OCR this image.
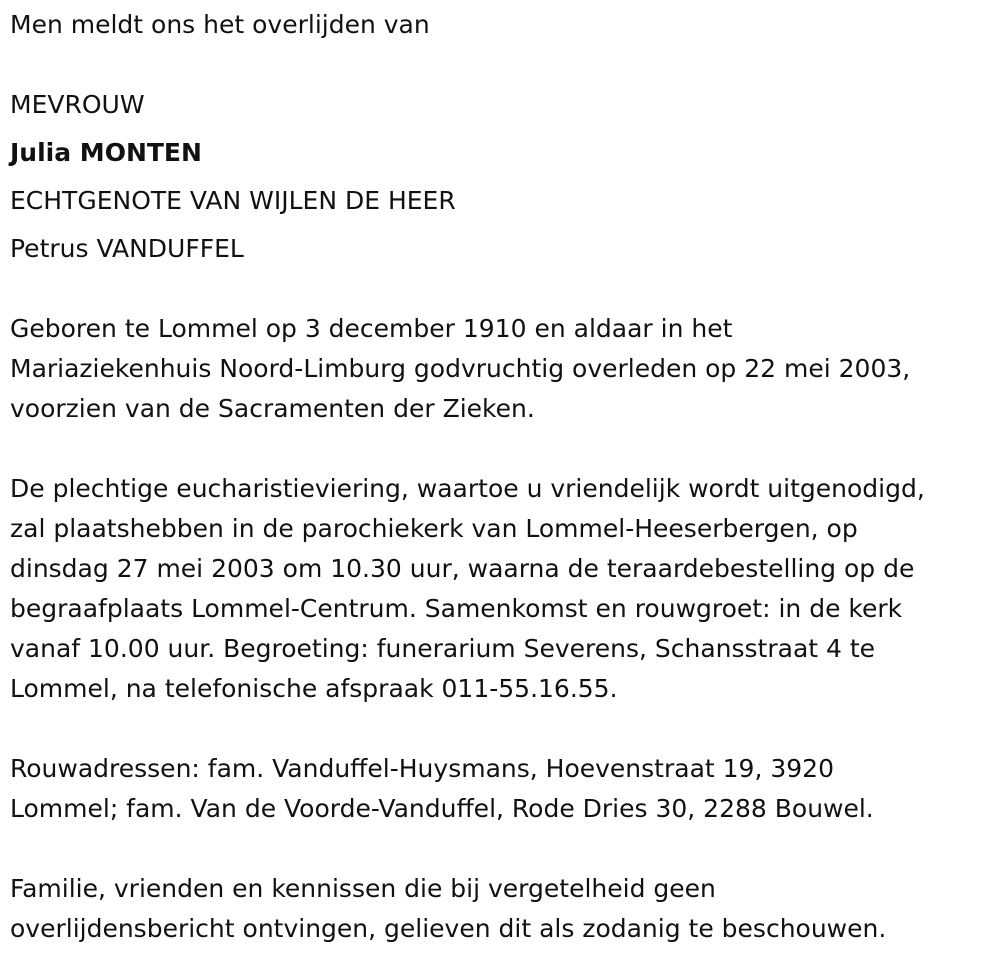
Men meldt ons het overlijden van
MEVROUW
Julia MONTEN
ECHTGENOTE VAN WIJLEN DE HEER
Petrus VANDUFFEL
Geboren te Lommel op 3 december 1910 en aldaar in het
Mariaziekenhuis Noord-Limburg godvruchtig overleden op 22 mei 2003,
voorzien van de Sacramenten der Zieken.
De plechtige eucharistieviering, waartoe u vriendelijk wordt uitgenodigd,
zal plaatshebben in de parochiekerk van Lommel-Heeserbergen, op
dinsdag 27 mei 2003 om 10.30 uur, waarna de teraardebestelling op de
begraafplaats Lommel-Centrum. Samenkomst en rouwgroet: in de kerk
vanaf 10.00 uur. Begroeting: funerarium Severens, Schansstraat 4 te
Lommel, na telefonische afspraak 011-55.16.55.
Rouwadressen: fam. Vanduffel-Huysmans, Hoevenstraat 19, 3920
Lommel; fam. Van de Voorde-Vanduffel, Rode Dries 30, 2288 Bouwel.
Familie, vrienden en kennissen die bij vergetelheid geen
overlijdensbericht ontvingen, gelieven dit als zodanig te beschouwen.
